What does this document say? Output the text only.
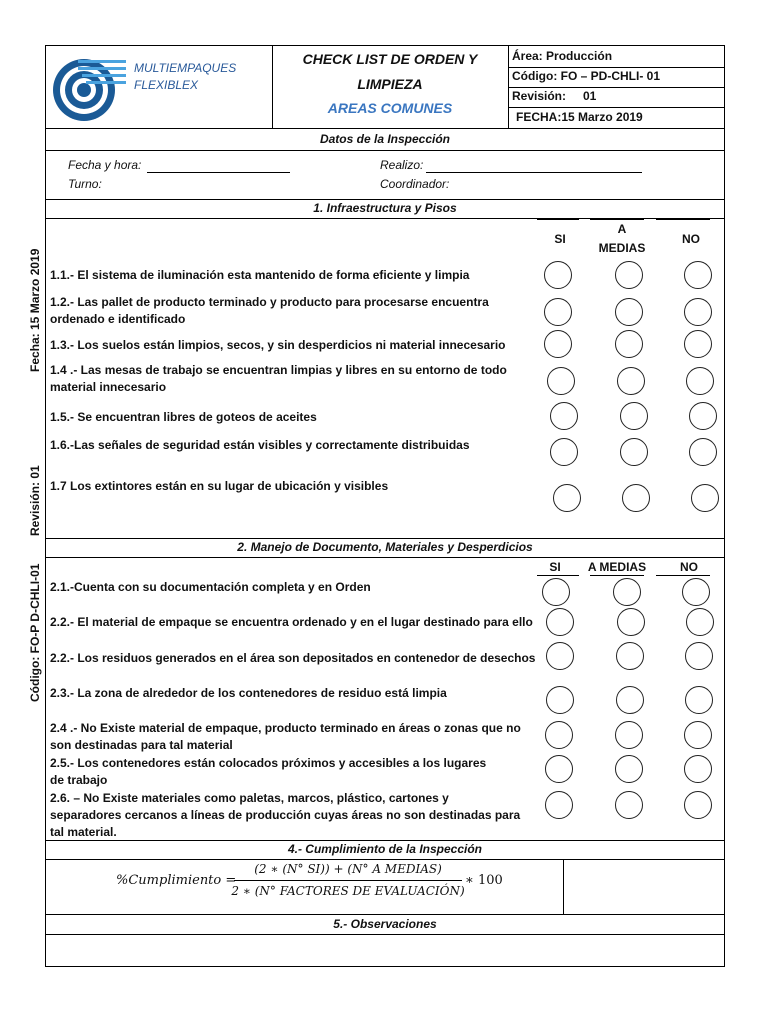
MULTIEMPAQUES
FLEXIBLEX
CHECK LIST DE ORDEN Y
LIMPIEZA
AREAS COMUNES
Área: Producción
Código: FO – PD-CHLI- 01
Revisión: 01
FECHA:15 Marzo 2019
Datos de la Inspección
Fecha y hora:
Turno:
Realizo:
Coordinador:
1. Infraestructura y Pisos
SI
A
MEDIAS
NO
Fecha: 15 Marzo 2019
Revisión: 01
1.1.- El sistema de iluminación esta mantenido de forma eficiente y limpia
1.2.- Las pallet de producto terminado y producto para procesarse encuentra ordenado e identificado
1.3.- Los suelos están limpios, secos, y sin desperdicios ni material innecesario
1.4 .- Las mesas de trabajo se encuentran limpias y libres en su entorno de todo material innecesario
1.5.- Se encuentran libres de goteos de aceites
1.6.-Las señales de seguridad están visibles y correctamente distribuidas
1.7 Los extintores están en su lugar de ubicación y visibles
2. Manejo de Documento, Materiales y Desperdicios
SI	A MEDIAS	NO
Código: FO-P D-CHLI-01 2.1.-Cuenta con su documentación completa y en Orden
2.2.- El material de empaque se encuentra ordenado y en el lugar destinado para ello
2.2.- Los residuos generados en el área son depositados en contenedor de desechos
2.3.- La zona de alrededor de los contenedores de residuo está limpia
2.4 .- No Existe material de empaque, producto terminado en áreas o zonas que no son destinadas para tal material
2.5.- Los contenedores están colocados próximos y accesibles a los lugares de trabajo
2.6. – No Existe materiales como paletas, marcos, plástico, cartones y separadores cercanos a líneas de producción cuyas áreas no son destinadas para tal material.
4.- Cumplimiento de la Inspección
%Cumplimiento =
(2 ∗ (N° SI)) + (N° A MEDIAS)
2 ∗ (N° FACTORES DE EVALUACIÓN)
∗ 100
5.- Observaciones
